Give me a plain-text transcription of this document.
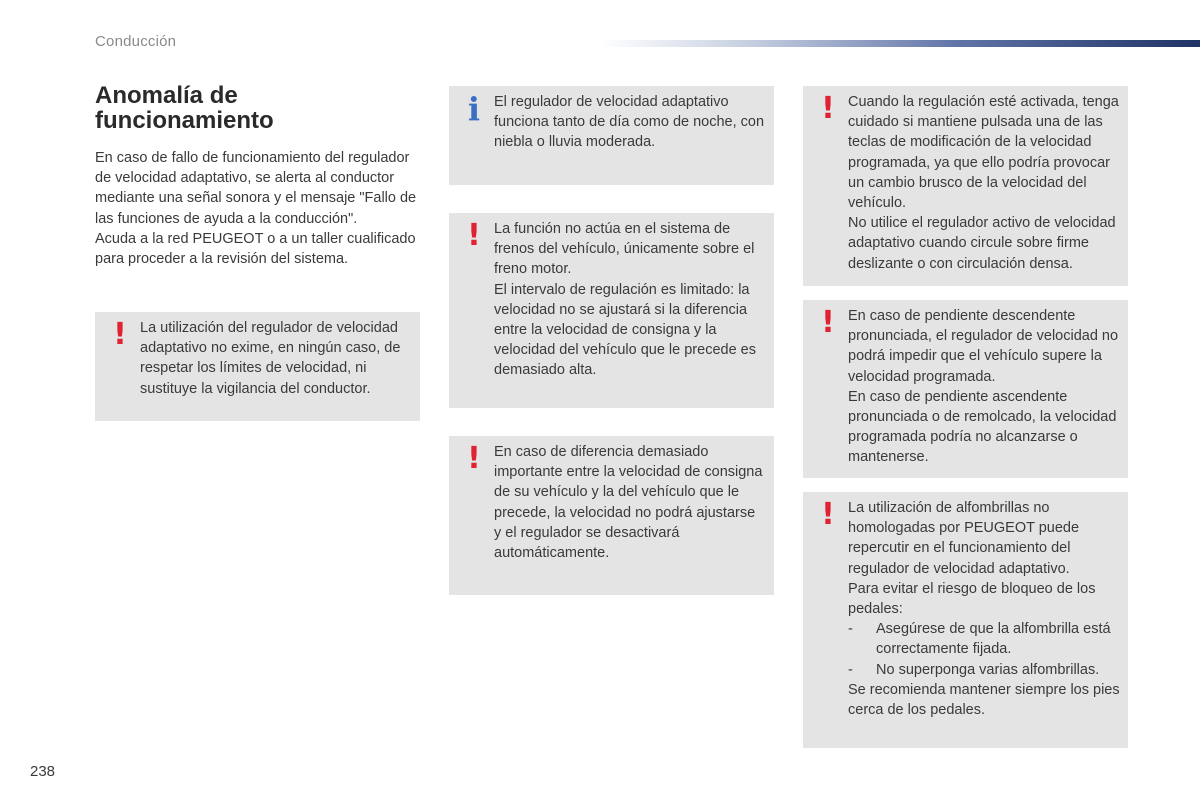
Conducción
Anomalía de
funcionamiento

En caso de fallo de funcionamiento del regulador de velocidad adaptativo, se alerta al conductor mediante una señal sonora y el mensaje "Fallo de las funciones de ayuda a la conducción".

Acuda a la red PEUGEOT o a un taller cualificado para proceder a la revisión del sistema.

! La utilización del regulador de velocidad adaptativo no exime, en ningún caso, de respetar los límites de velocidad, ni sustituye la vigilancia del conductor.

i El regulador de velocidad adaptativo funciona tanto de día como de noche, con niebla o lluvia moderada.

! La función no actúa en el sistema de frenos del vehículo, únicamente sobre el freno motor.

El intervalo de regulación es limitado: la velocidad no se ajustará si la diferencia entre la velocidad de consigna y la velocidad del vehículo que le precede es demasiado alta.

! En caso de diferencia demasiado importante entre la velocidad de consigna de su vehículo y la del vehículo que le precede, la velocidad no podrá ajustarse y el regulador se desactivará automáticamente.

! Cuando la regulación esté activada, tenga cuidado si mantiene pulsada una de las teclas de modificación de la velocidad programada, ya que ello podría provocar un cambio brusco de la velocidad del vehículo.

No utilice el regulador activo de velocidad adaptativo cuando circule sobre firme deslizante o con circulación densa.

! En caso de pendiente descendente pronunciada, el regulador de velocidad no podrá impedir que el vehículo supere la velocidad programada.

En caso de pendiente ascendente pronunciada o de remolcado, la velocidad programada podría no alcanzarse o mantenerse.

! La utilización de alfombrillas no homologadas por PEUGEOT puede repercutir en el funcionamiento del regulador de velocidad adaptativo.

Para evitar el riesgo de bloqueo de los pedales:

-	Asegúrese de que la alfombrilla está correctamente fijada.
-	No superponga varias alfombrillas.

Se recomienda mantener siempre los pies cerca de los pedales.

238
